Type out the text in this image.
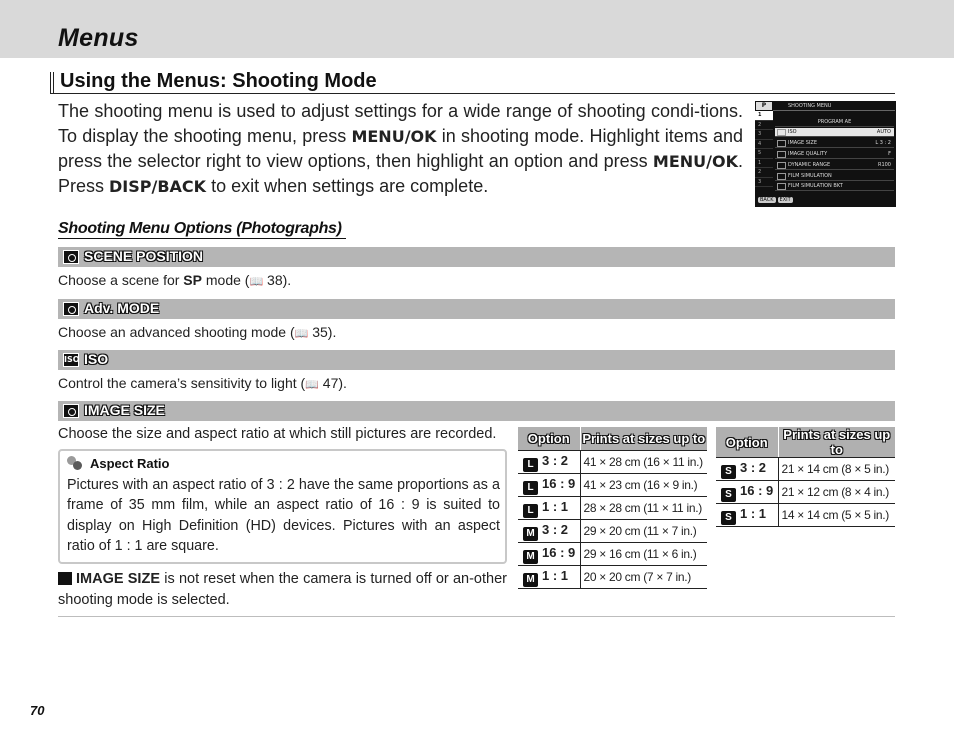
Menus
Using the Menus: Shooting Mode
The shooting menu is used to adjust settings for a wide range of shooting condi-tions. To display the shooting menu, press MENU/OK in shooting mode. Highlight items and press the selector right to view options, then highlight an option and press MENU/OK. Press DISP/BACK to exit when settings are complete.
P	SHOOTING MENU
1
2
3
4
5
1
2
3
PROGRAM AE
ISO	AUTO
IMAGE SIZE	L 3 : 2
IMAGE QUALITY	F
DYNAMIC RANGE	R100
FILM SIMULATION
FILM SIMULATION BKT
BACK EXIT
Shooting Menu Options (Photographs)
SCENE POSITION
Choose a scene for SP mode (📖 38).
Adv. MODE
Choose an advanced shooting mode (📖 35).
ISO ISO
Control the camera’s sensitivity to light (📖 47).
IMAGE SIZE
Choose the size and aspect ratio at which still pictures are recorded.
Aspect Ratio
Pictures with an aspect ratio of 3 : 2 have the same proportions as a frame of 35 mm film, while an aspect ratio of 16 : 9 is suited to display on High Definition (HD) devices. Pictures with an aspect ratio of 1 : 1 are square.
IMAGE SIZE is not reset when the camera is turned off or an-other shooting mode is selected.
Option	Prints at sizes up to
L 3 : 2	41 × 28 cm (16 × 11 in.)
L 16 : 9	41 × 23 cm (16 × 9 in.)
L 1 : 1	28 × 28 cm (11 × 11 in.)
M 3 : 2	29 × 20 cm (11 × 7 in.)
M 16 : 9	29 × 16 cm (11 × 6 in.)
M 1 : 1	20 × 20 cm (7 × 7 in.)
Option	Prints at sizes up to
S 3 : 2	21 × 14 cm (8 × 5 in.)
S 16 : 9	21 × 12 cm (8 × 4 in.)
S 1 : 1	14 × 14 cm (5 × 5 in.)
70
